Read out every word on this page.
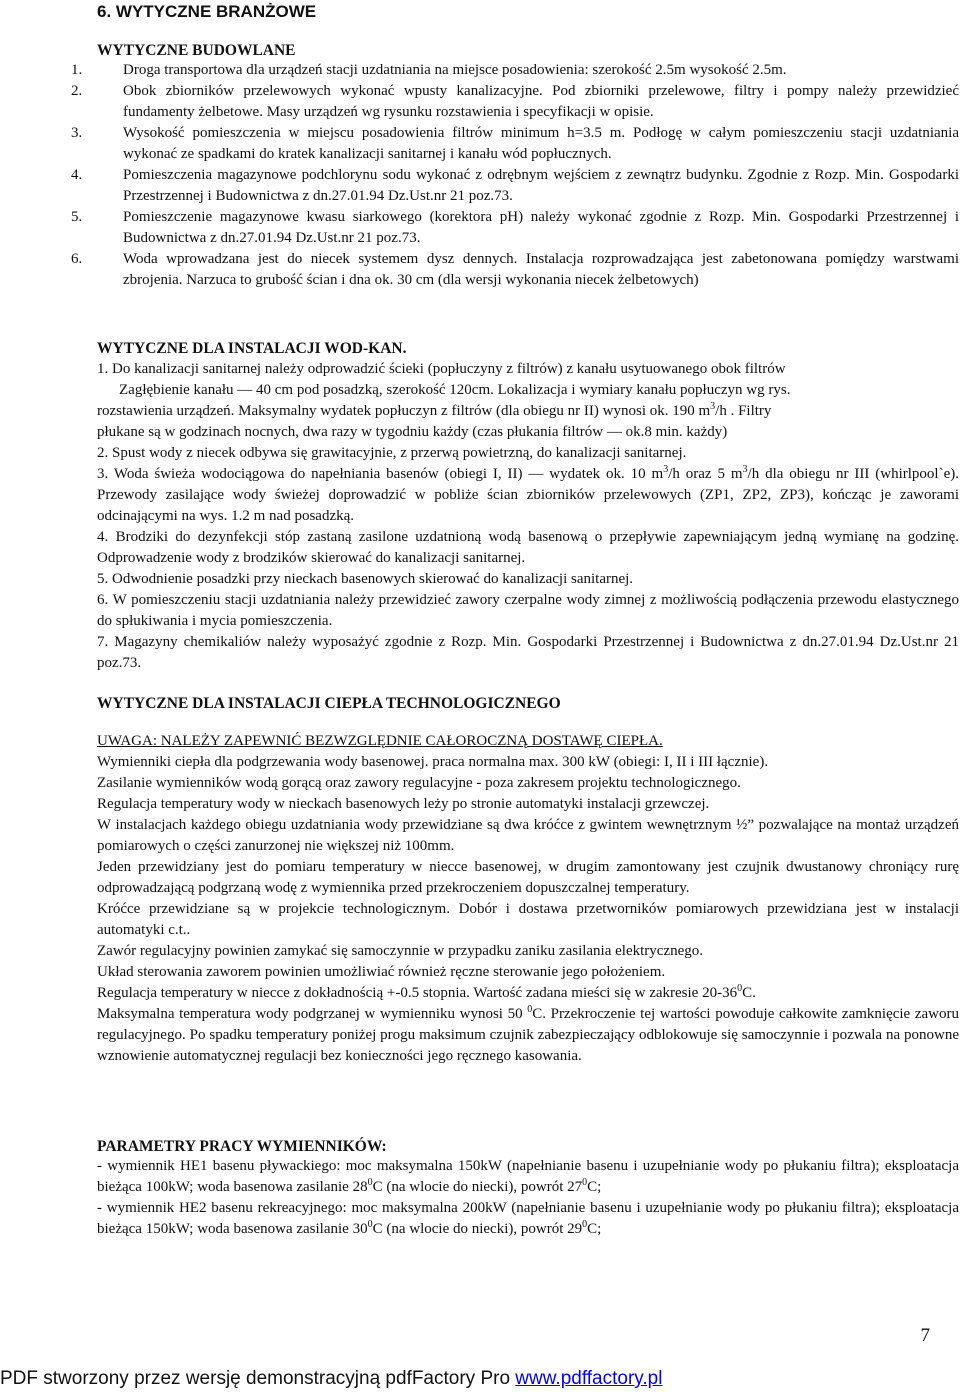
6. WYTYCZNE BRANŻOWE

WYTYCZNE BUDOWLANE

1.	Droga transportowa dla urządzeń stacji uzdatniania na miejsce posadowienia: szerokość 2.5m wysokość 2.5m.

2.	Obok zbiorników przelewowych wykonać wpusty kanalizacyjne. Pod zbiorniki przelewowe, filtry i pompy należy przewidzieć fundamenty żelbetowe. Masy urządzeń wg rysunku rozstawienia i specyfikacji w opisie.

3.	Wysokość pomieszczenia w miejscu posadowienia filtrów minimum h=3.5 m. Podłogę w całym pomieszczeniu stacji uzdatniania wykonać ze spadkami do kratek kanalizacji sanitarnej i kanału wód popłucznych.

4.	Pomieszczenia magazynowe podchlorynu sodu wykonać z odrębnym wejściem z zewnątrz budynku. Zgodnie z Rozp. Min. Gospodarki Przestrzennej i Budownictwa z dn.27.01.94 Dz.Ust.nr 21 poz.73.

5.	Pomieszczenie magazynowe kwasu siarkowego (korektora pH) należy wykonać zgodnie z Rozp. Min. Gospodarki Przestrzennej i Budownictwa z dn.27.01.94 Dz.Ust.nr 21 poz.73.

6.	Woda wprowadzana jest do niecek systemem dysz dennych. Instalacja rozprowadzająca jest zabetonowana pomiędzy warstwami zbrojenia. Narzuca to grubość ścian i dna ok. 30 cm (dla wersji wykonania niecek żelbetowych)

WYTYCZNE DLA INSTALACJI WOD-KAN.

1. Do kanalizacji sanitarnej należy odprowadzić ścieki (popłuczyny z filtrów) z kanału usytuowanego obok filtrów

Zagłębienie kanału — 40 cm pod posadzką, szerokość 120cm. Lokalizacja i wymiary kanału popłuczyn wg rys.

rozstawienia urządzeń. Maksymalny wydatek popłuczyn z filtrów (dla obiegu nr II) wynosi ok. 190 $m^3/h$ . Filtry

płukane są w godzinach nocnych, dwa razy w tygodniu każdy (czas płukania filtrów — ok.8 min. każdy)

2. Spust wody z niecek odbywa się grawitacyjnie, z przerwą powietrzną, do kanalizacji sanitarnej.

3. Woda świeża wodociągowa do napełniania basenów (obiegi I, II) — wydatek ok. 10 $m^3/h$ oraz 5 $m^3/h$ dla obiegu nr III (whirlpool`e). Przewody zasilające wody świeżej doprowadzić w pobliże ścian zbiorników przelewowych (ZP1, ZP2, ZP3), kończąc je zaworami odcinającymi na wys. 1.2 m nad posadzką.

4. Brodziki do dezynfekcji stóp zastaną zasilone uzdatnioną wodą basenową o przepływie zapewniającym jedną wymianę na godzinę. Odprowadzenie wody z brodzików skierować do kanalizacji sanitarnej.

5. Odwodnienie posadzki przy nieckach basenowych skierować do kanalizacji sanitarnej.

6. W pomieszczeniu stacji uzdatniania należy przewidzieć zawory czerpalne wody zimnej z możliwością podłączenia przewodu elastycznego do spłukiwania i mycia pomieszczenia.

7. Magazyny chemikaliów należy wyposażyć zgodnie z Rozp. Min. Gospodarki Przestrzennej i Budownictwa z dn.27.01.94 Dz.Ust.nr 21 poz.73.

WYTYCZNE DLA INSTALACJI CIEPŁA TECHNOLOGICZNEGO

UWAGA: NALEŻY ZAPEWNIĆ BEZWZGLĘDNIE CAŁOROCZNĄ DOSTAWĘ CIEPŁA.

Wymienniki ciepła dla podgrzewania wody basenowej. praca normalna max. 300 kW (obiegi: I, II i III łącznie).

Zasilanie wymienników wodą gorącą oraz zawory regulacyjne - poza zakresem projektu technologicznego.

Regulacja temperatury wody w nieckach basenowych leży po stronie automatyki instalacji grzewczej.

W instalacjach każdego obiegu uzdatniania wody przewidziane są dwa króćce z gwintem wewnętrznym ½” pozwalające na montaż urządzeń pomiarowych o części zanurzonej nie większej niż 100mm.

Jeden przewidziany jest do pomiaru temperatury w niecce basenowej, w drugim zamontowany jest czujnik dwustanowy chroniący rurę odprowadzającą podgrzaną wodę z wymiennika przed przekroczeniem dopuszczalnej temperatury.

Króćce przewidziane są w projekcie technologicznym. Dobór i dostawa przetworników pomiarowych przewidziana jest w instalacji automatyki c.t..

Zawór regulacyjny powinien zamykać się samoczynnie w przypadku zaniku zasilania elektrycznego.

Układ sterowania zaworem powinien umożliwiać również ręczne sterowanie jego położeniem.

Regulacja temperatury w niecce z dokładnością +-0.5 stopnia. Wartość zadana mieści się w zakresie $20-36^0C$.

Maksymalna temperatura wody podgrzanej w wymienniku wynosi 50 $^0$C. Przekroczenie tej wartości powoduje całkowite zamknięcie zaworu regulacyjnego. Po spadku temperatury poniżej progu maksimum czujnik zabezpieczający odblokowuje się samoczynnie i pozwala na ponowne wznowienie automatycznej regulacji bez konieczności jego ręcznego kasowania.

PARAMETRY PRACY WYMIENNIKÓW:

- wymiennik HE1 basenu pływackiego: moc maksymalna 150kW (napełnianie basenu i uzupełnianie wody po płukaniu filtra); eksploatacja bieżąca 100kW; woda basenowa zasilanie $28^0C$ (na wlocie do niecki), powrót $27^0C$;

- wymiennik HE2 basenu rekreacyjnego: moc maksymalna 200kW (napełnianie basenu i uzupełnianie wody po płukaniu filtra); eksploatacja bieżąca 150kW; woda basenowa zasilanie $30^0C$ (na wlocie do niecki), powrót $29^0C$;

7
PDF stworzony przez wersję demonstracyjną pdfFactory Pro www.pdffactory.pl
